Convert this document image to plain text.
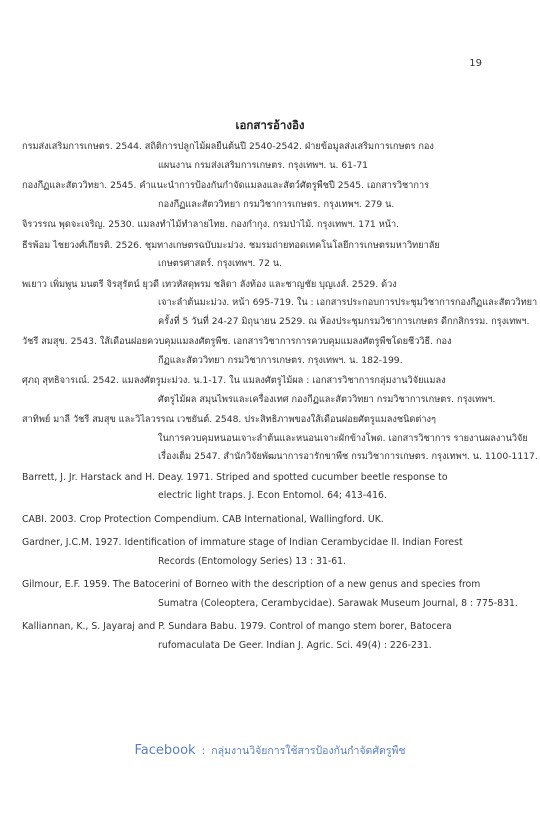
19
เอกสารอ้างอิง
กรมส่งเสริมการเกษตร. 2544. สถิติการปลูกไม้ผลยืนต้นปี 2540-2542. ฝ่ายข้อมูลส่งเสริมการเกษตร กอง
แผนงาน กรมส่งเสริมการเกษตร. กรุงเทพฯ. น. 61-71
กองกีฏและสัตววิทยา. 2545. คำแนะนำการป้องกันกำจัดแมลงและสัตว์ศัตรูพืชปี 2545. เอกสารวิชาการ
กองกีฏและสัตววิทยา กรมวิชาการเกษตร. กรุงเทพฯ. 279 น.
จิรวรรณ พุดจะเจริญ. 2530. แมลงทำไม้ทำลายไทย. กองกำกุง. กรมป่าไม้. กรุงเทพฯ. 171 หน้า.
ธีรพ้อม ไชยวงศ์เกียรติ. 2526. ชุมทางเกษตรฉบับมะม่วง. ชมรมถ่ายทอดเทคโนโลยีการเกษตรมหาวิทยาลัย
เกษตรศาสตร์. กรุงเทพฯ. 72 น.
พเยาว เพิ่มพูน มนตรี จิรสุรัตน์ ยุวดี เทวหัสดุพรม ชลิดา ลังท้อง และชาญชัย บุญเงส์. 2529. ด้วง
เจาะลำต้นมะม่วง. หน้า 695-719. ใน : เอกสารประกอบการประชุมวิชาการกองกีฏและสัตววิทยา
ครั้งที่ 5 วันที่ 24-27 มิถุนายน 2529. ณ ห้องประชุมกรมวิชาการเกษตร ดีกกสิกรรม. กรุงเทพฯ.
วัชรี สมสุข. 2543. ใส้เดือนฝอยควบคุมแมลงศัตรูพืช. เอกสารวิชาการการควบคุมแมลงศัตรูพืชโดยชีววิธี. กอง
กีฏและสัตววิทยา กรมวิชาการเกษตร. กรุงเทพฯ. น. 182-199.
ศุภฤ สุทธิจารเณ์. 2542. แมลงศัตรูมะม่วง. น.1-17. ใน แมลงศัตรูไม้ผล : เอกสารวิชาการกลุ่มงานวิจัยแมลง
ศัตรูไม้ผล สมุนไพรและเครื่องเทศ กองกีฏและสัตววิทยา กรมวิชาการเกษตร. กรุงเทพฯ.
สาทิพย์ มาลี วัชรี สมสุข และวิไลวรรณ เวชยันต์. 2548. ประสิทธิภาพของใส้เดือนฝอยศัตรูแมลงชนิดต่างๆ
ในการควบคุมหนอนเจาะลำต้นและหนอนเจาะผักข้างโพด. เอกสารวิชาการ รายงานผลงานวิจัย
เรื่องเต็ม 2547. สำนักวิจัยพัฒนาการอารักขาพืช กรมวิชาการเกษตร. กรุงเทพฯ. น. 1100-1117.
Barrett, J. Jr. Harstack and H. Deay. 1971. Striped and spotted cucumber beetle response to
electric light traps. J. Econ Entomol. 64; 413-416.
CABI. 2003. Crop Protection Compendium. CAB International, Wallingford. UK.
Gardner, J.C.M. 1927. Identification of immature stage of Indian Cerambycidae II. Indian Forest
Records (Entomology Series) 13 : 31-61.
Gilmour, E.F. 1959. The Batocerini of Borneo with the description of a new genus and species from
Sumatra (Coleoptera, Cerambycidae). Sarawak Museum Journal, 8 : 775-831.
Kalliannan, K., S. Jayaraj and P. Sundara Babu. 1979. Control of mango stem borer, Batocera
rufomaculata De Geer. Indian J. Agric. Sci. 49(4) : 226-231.
Facebook : กลุ่มงานวิจัยการใช้สารป้องกันกำจัดศัตรูพืช
